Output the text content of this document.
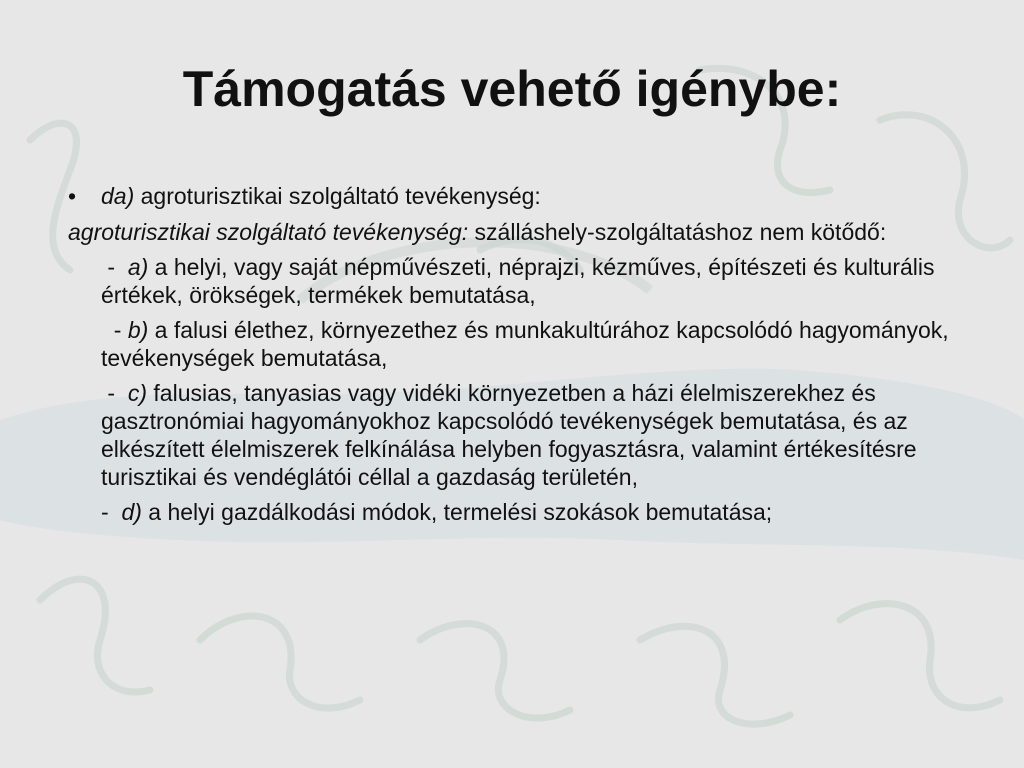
Támogatás vehető igénybe:

• da) agroturisztikai szolgáltató tevékenység:

agroturisztikai szolgáltató tevékenység: szálláshely-szolgáltatáshoz nem kötődő:

-  a) a helyi, vagy saját népművészeti, néprajzi, kézműves, építészeti és kulturális értékek, örökségek, termékek bemutatása,

- b) a falusi élethez, környezethez és munkakultúrához kapcsolódó hagyományok, tevékenységek bemutatása,

-  c) falusias, tanyasias vagy vidéki környezetben a házi élelmiszerekhez és gasztronómiai hagyományokhoz kapcsolódó tevékenységek bemutatása, és az elkészített élelmiszerek felkínálása helyben fogyasztásra, valamint értékesítésre turisztikai és vendéglátói céllal a gazdaság területén,

-  d) a helyi gazdálkodási módok, termelési szokások bemutatása;
